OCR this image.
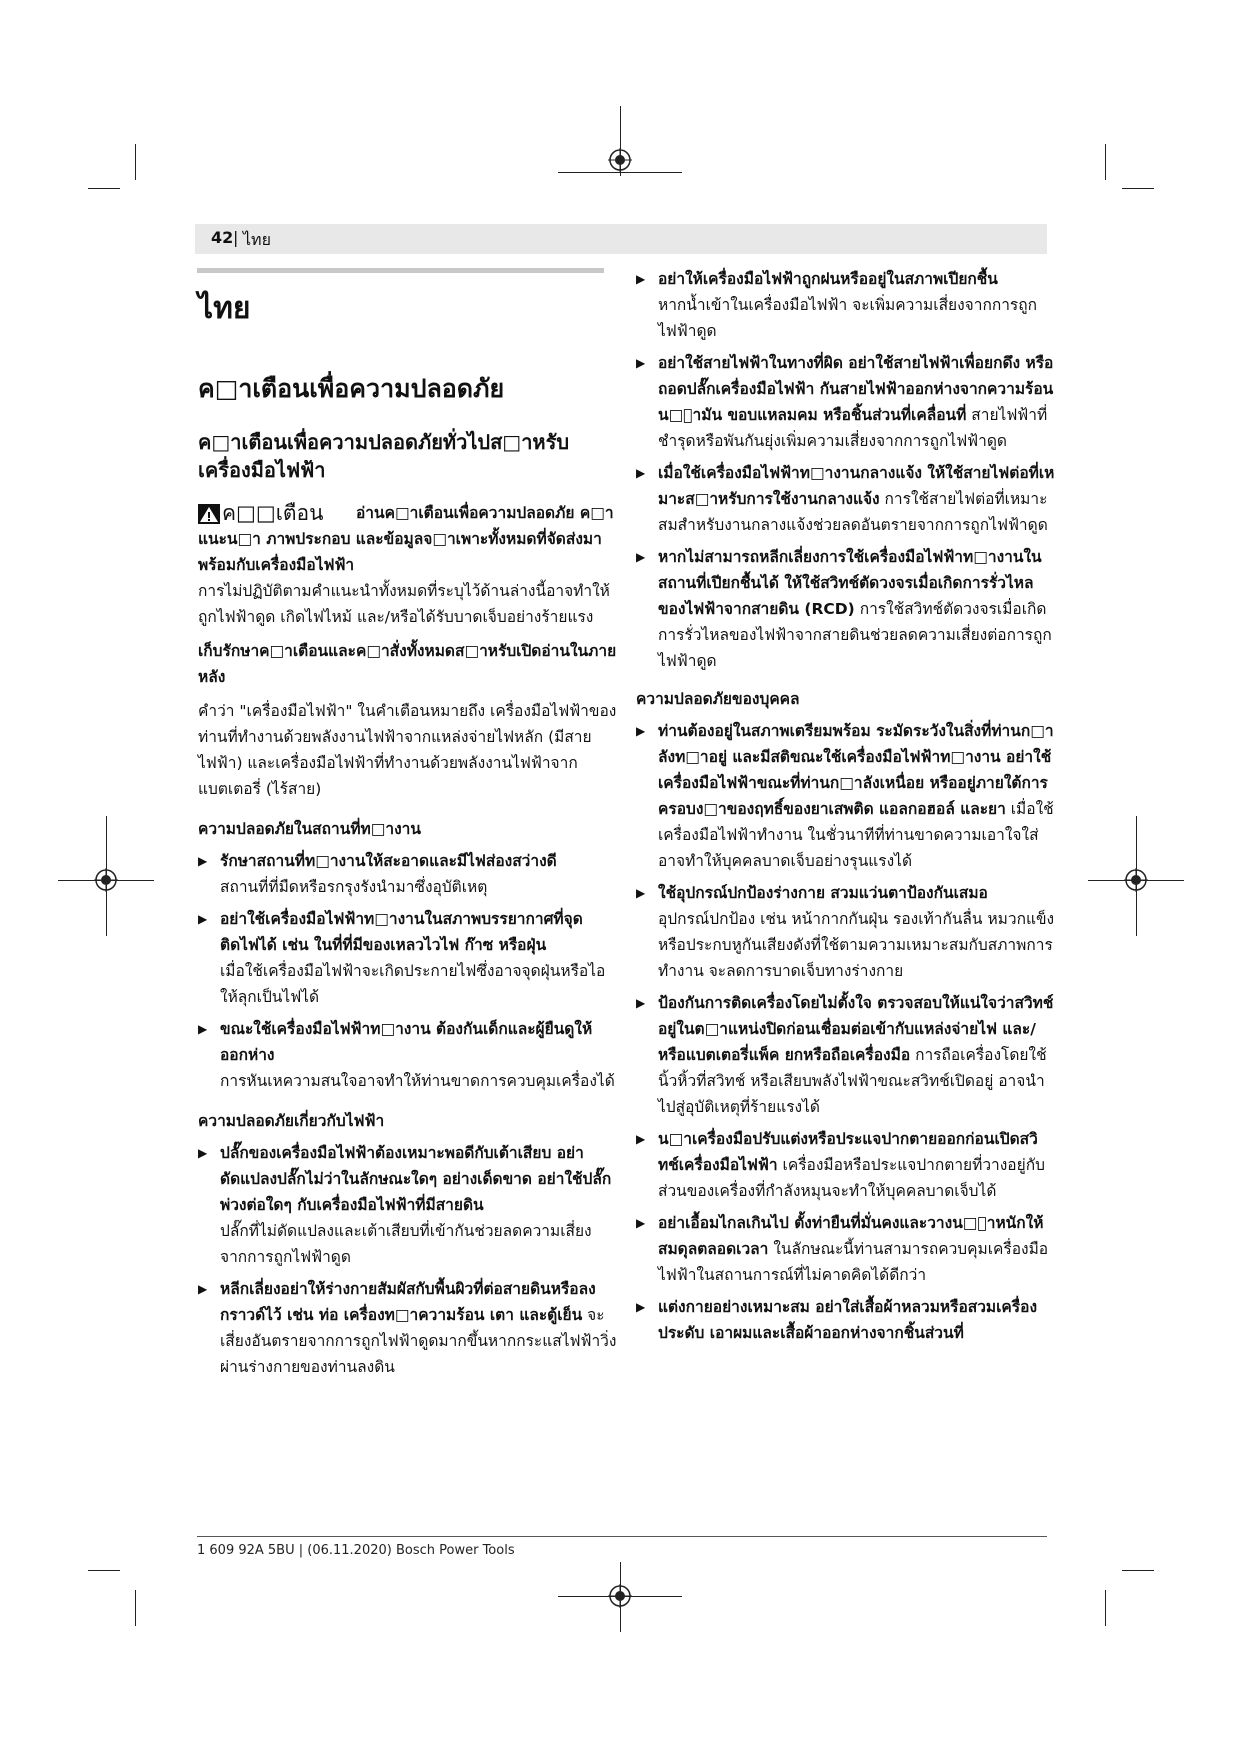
42 | ไทย

ไทย

ค□าเตือนเพื่อความปลอดภัย

ค□าเตือนเพื่อความปลอดภัยทั่วไปส□าหรับเครื่องมือไฟฟ้า

ค□□เตือน	อ่านค□าเตือนเพื่อความปลอดภัย ค□าแนะน□า ภาพประกอบ และข้อมูลจ□าเพาะทั้งหมดที่จัดส่งมาพร้อมกับเครื่องมือไฟฟ้า

การไม่ปฏิบัติตามคำแนะนำทั้งหมดที่ระบุไว้ด้านล่างนี้อาจทำให้ถูกไฟฟ้าดูด เกิดไฟไหม้ และ/หรือได้รับบาดเจ็บอย่างร้ายแรง

เก็บรักษาค□าเตือนและค□าสั่งทั้งหมดส□าหรับเปิดอ่านในภายหลัง

คำว่า "เครื่องมือไฟฟ้า" ในคำเตือนหมายถึง เครื่องมือไฟฟ้าของท่านที่ทำงานด้วยพลังงานไฟฟ้าจากแหล่งจ่ายไฟหลัก (มีสายไฟฟ้า) และเครื่องมือไฟฟ้าที่ทำงานด้วยพลังงานไฟฟ้าจากแบตเตอรี่ (ไร้สาย)

ความปลอดภัยในสถานที่ท□างาน

▶ รักษาสถานที่ท□างานให้สะอาดและมีไฟส่องสว่างดี
สถานที่ที่มืดหรือรกรุงรังนำมาซึ่งอุบัติเหตุ
▶ อย่าใช้เครื่องมือไฟฟ้าท□างานในสภาพบรรยากาศที่จุดติดไฟได้ เช่น ในที่ที่มีของเหลวไวไฟ ก๊าซ หรือฝุ่น
เมื่อใช้เครื่องมือไฟฟ้าจะเกิดประกายไฟซึ่งอาจจุดฝุ่นหรือไอให้ลุกเป็นไฟได้
▶ ขณะใช้เครื่องมือไฟฟ้าท□างาน ต้องกันเด็กและผู้ยืนดูให้ออกห่าง
การหันเหความสนใจอาจทำให้ท่านขาดการควบคุมเครื่องได้

ความปลอดภัยเกี่ยวกับไฟฟ้า

▶ ปลั๊กของเครื่องมือไฟฟ้าต้องเหมาะพอดีกับเต้าเสียบ อย่าดัดแปลงปลั๊กไม่ว่าในลักษณะใดๆ อย่างเด็ดขาด อย่าใช้ปลั๊กพ่วงต่อใดๆ กับเครื่องมือไฟฟ้าที่มีสายดิน
ปลั๊กที่ไม่ดัดแปลงและเต้าเสียบที่เข้ากันช่วยลดความเสี่ยงจากการถูกไฟฟ้าดูด
▶ หลีกเลี่ยงอย่าให้ร่างกายสัมผัสกับพื้นผิวที่ต่อสายดินหรือลงกราวด์ไว้ เช่น ท่อ เครื่องท□าความร้อน เตา และตู้เย็น จะเสี่ยงอันตรายจากการถูกไฟฟ้าดูดมากขึ้นหากกระแสไฟฟ้าวิ่งผ่านร่างกายของท่านลงดิน
▶ อย่าให้เครื่องมือไฟฟ้าถูกฝนหรืออยู่ในสภาพเปียกชื้น
หากน้ำเข้าในเครื่องมือไฟฟ้า จะเพิ่มความเสี่ยงจากการถูกไฟฟ้าดูด
▶ อย่าใช้สายไฟฟ้าในทางที่ผิด อย่าใช้สายไฟฟ้าเพื่อยกดึง หรือถอดปลั๊กเครื่องมือไฟฟ้า กันสายไฟฟ้าออกห่างจากความร้อน น□้ามัน ขอบแหลมคม หรือชิ้นส่วนที่เคลื่อนที่ สายไฟฟ้าที่ชำรุดหรือพันกันยุ่งเพิ่มความเสี่ยงจากการถูกไฟฟ้าดูด
▶ เมื่อใช้เครื่องมือไฟฟ้าท□างานกลางแจ้ง ให้ใช้สายไฟต่อที่เหมาะส□าหรับการใช้งานกลางแจ้ง การใช้สายไฟต่อที่เหมาะสมสำหรับงานกลางแจ้งช่วยลดอันตรายจากการถูกไฟฟ้าดูด
▶ หากไม่สามารถหลีกเลี่ยงการใช้เครื่องมือไฟฟ้าท□างานในสถานที่เปียกชื้นได้ ให้ใช้สวิทช์ตัดวงจรเมื่อเกิดการรั่วไหลของไฟฟ้าจากสายดิน (RCD) การใช้สวิทช์ตัดวงจรเมื่อเกิดการรั่วไหลของไฟฟ้าจากสายดินช่วยลดความเสี่ยงต่อการถูกไฟฟ้าดูด

ความปลอดภัยของบุคคล

▶ ท่านต้องอยู่ในสภาพเตรียมพร้อม ระมัดระวังในสิ่งที่ท่านก□าลังท□าอยู่ และมีสติขณะใช้เครื่องมือไฟฟ้าท□างาน อย่าใช้เครื่องมือไฟฟ้าขณะที่ท่านก□าลังเหนื่อย หรืออยู่ภายใต้การครอบง□าของฤทธิ์ของยาเสพติด แอลกอฮอล์ และยา เมื่อใช้เครื่องมือไฟฟ้าทำงาน ในชั่วนาทีที่ท่านขาดความเอาใจใส่อาจทำให้บุคคลบาดเจ็บอย่างรุนแรงได้
▶ ใช้อุปกรณ์ปกป้องร่างกาย สวมแว่นตาป้องกันเสมอ
อุปกรณ์ปกป้อง เช่น หน้ากากกันฝุ่น รองเท้ากันลื่น หมวกแข็ง หรือประกบหูกันเสียงดังที่ใช้ตามความเหมาะสมกับสภาพการทำงาน จะลดการบาดเจ็บทางร่างกาย
▶ ป้องกันการติดเครื่องโดยไม่ตั้งใจ ตรวจสอบให้แน่ใจว่าสวิทช์อยู่ในต□าแหน่งปิดก่อนเชื่อมต่อเข้ากับแหล่งจ่ายไฟ และ/หรือแบตเตอรี่แพ็ค ยกหรือถือเครื่องมือ การถือเครื่องโดยใช้นิ้วหิ้วที่สวิทช์ หรือเสียบพลังไฟฟ้าขณะสวิทช์เปิดอยู่ อาจนำไปสู่อุบัติเหตุที่ร้ายแรงได้
▶ น□าเครื่องมือปรับแต่งหรือประแจปากตายออกก่อนเปิดสวิทช์เครื่องมือไฟฟ้า เครื่องมือหรือประแจปากตายที่วางอยู่กับส่วนของเครื่องที่กำลังหมุนจะทำให้บุคคลบาดเจ็บได้
▶ อย่าเอื้อมไกลเกินไป ตั้งท่ายืนที่มั่นคงและวางน□้าหนักให้สมดุลตลอดเวลา ในลักษณะนี้ท่านสามารถควบคุมเครื่องมือไฟฟ้าในสถานการณ์ที่ไม่คาดคิดได้ดีกว่า
▶ แต่งกายอย่างเหมาะสม อย่าใส่เสื้อผ้าหลวมหรือสวมเครื่องประดับ เอาผมและเสื้อผ้าออกห่างจากชิ้นส่วนที่
1 609 92A 5BU | (06.11.2020) Bosch Power Tools
